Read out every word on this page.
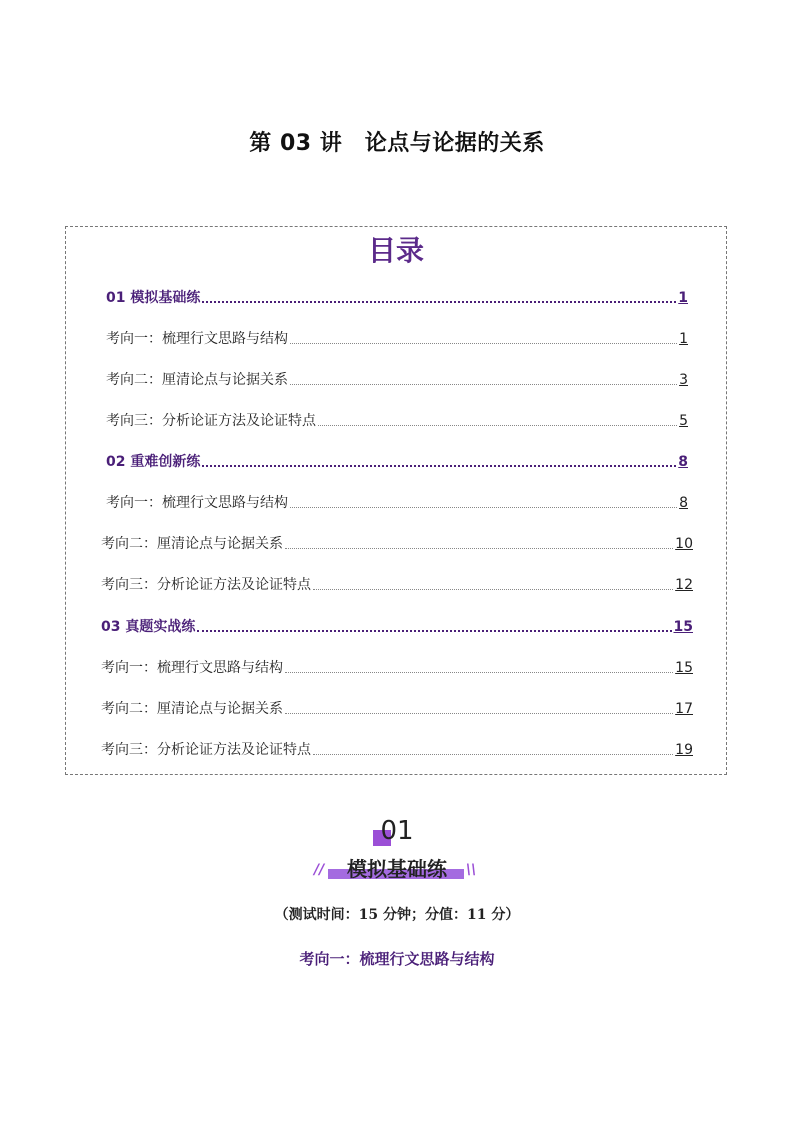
第 03 讲　论点与论据的关系
目录
01 模拟基础练	1
考向一：梳理行文思路与结构	1
考向二：厘清论点与论据关系	3
考向三：分析论证方法及论证特点	5
02 重难创新练	8
考向一：梳理行文思路与结构	8
考向二：厘清论点与论据关系	10
考向三：分析论证方法及论证特点	12
03 真题实战练	15
考向一：梳理行文思路与结构	15
考向二：厘清论点与论据关系	17
考向三：分析论证方法及论证特点	19
01
//	\\
模拟基础练
（测试时间：15 分钟；分值：11 分）
考向一：梳理行文思路与结构
